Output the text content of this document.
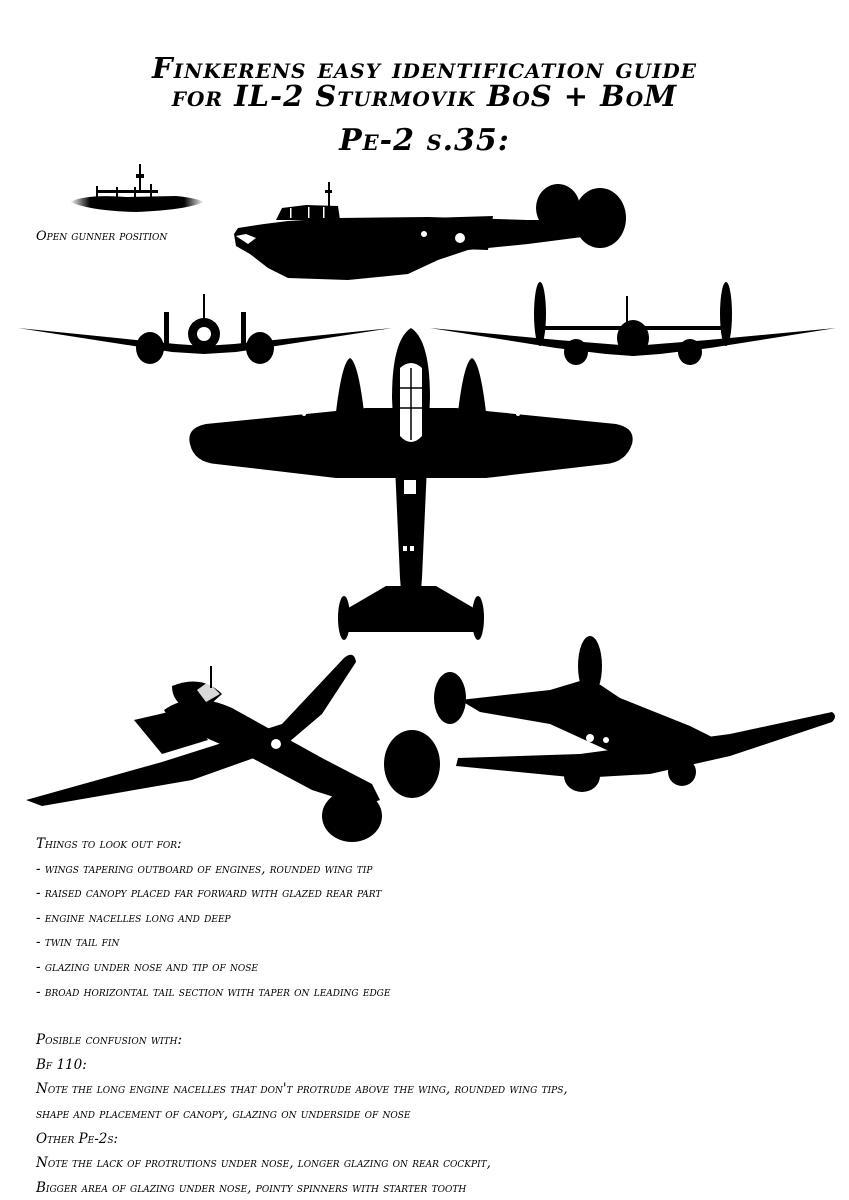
Finkerens easy identification guide
for IL-2 Sturmovik BoS + BoM
Pe-2 s.35:
Open gunner position
Things to look out for:
- wings tapering outboard of engines, rounded wing tip
- raised canopy placed far forward with glazed rear part
- engine nacelles long and deep
- twin tail fin
- glazing under nose and tip of nose
- broad horizontal tail section with taper on leading edge
Posible confusion with:
Bf 110:
Note the long engine nacelles that don't protrude above the wing, rounded wing tips,
shape and placement of canopy, glazing on underside of nose
Other Pe-2s:
Note the lack of protrutions under nose, longer glazing on rear cockpit,
Bigger area of glazing under nose, pointy spinners with starter tooth
